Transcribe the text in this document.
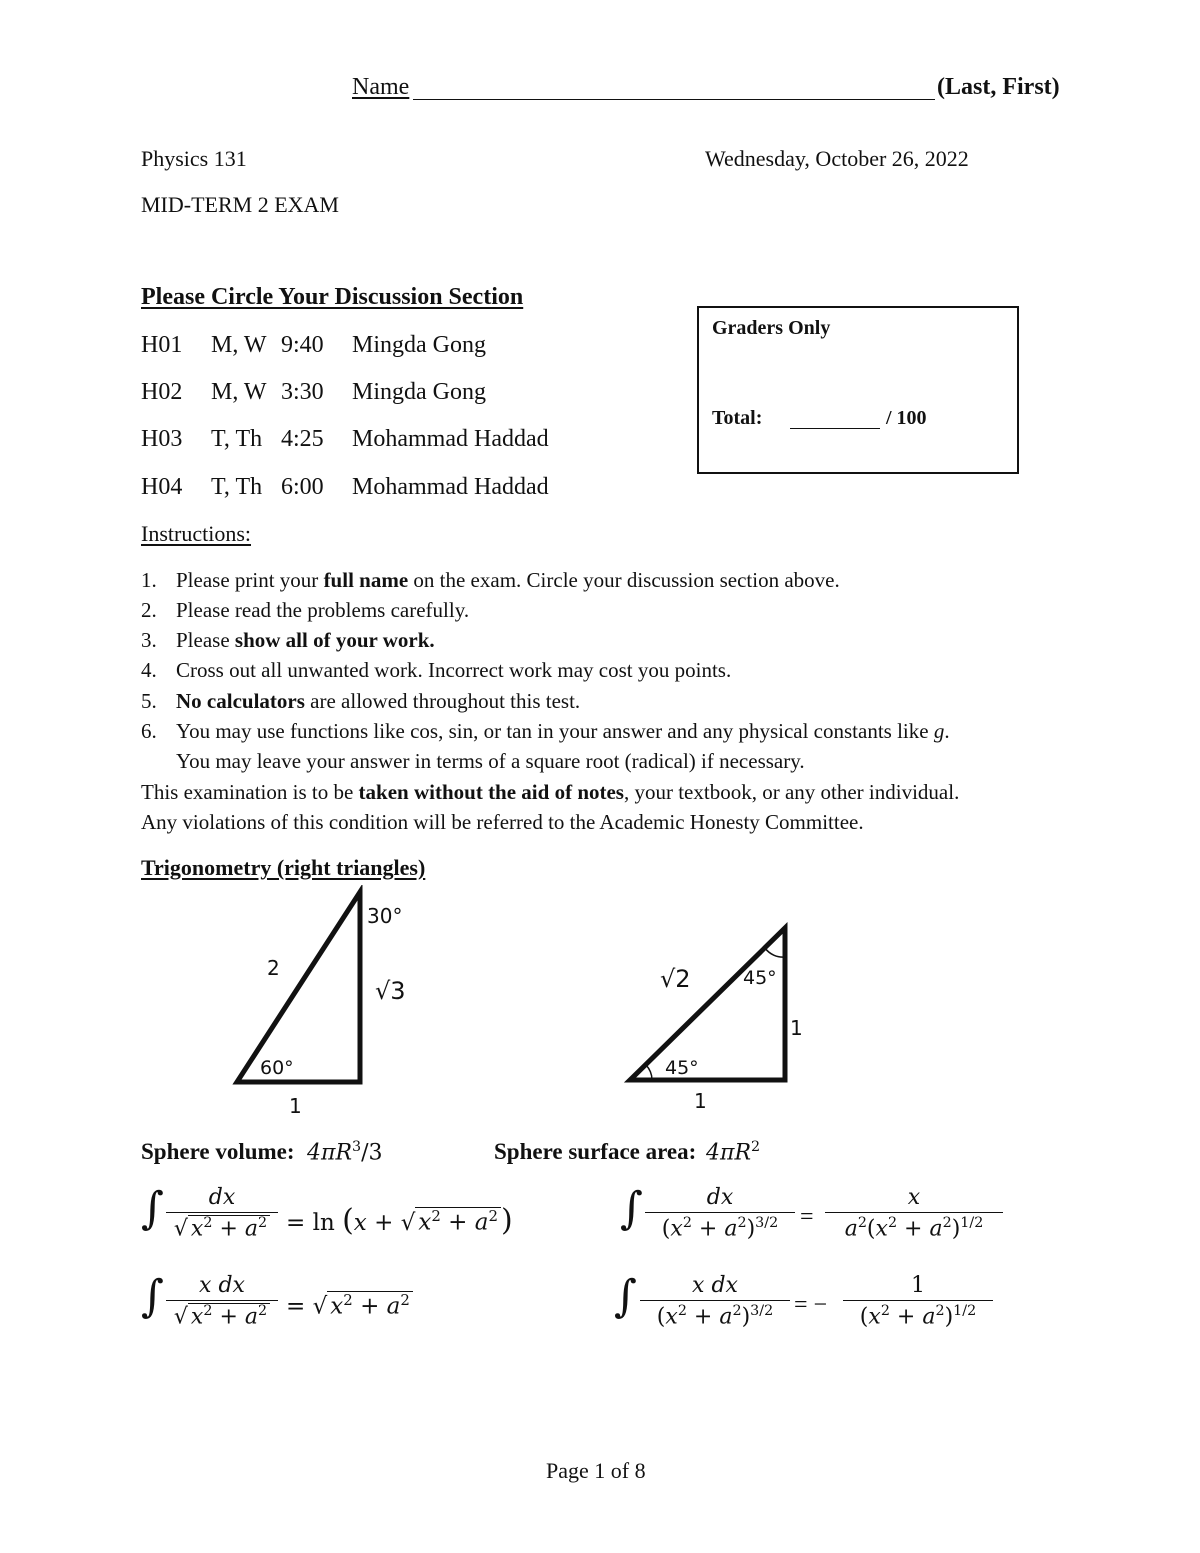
Name	(Last, First)
Physics 131	Wednesday, October 26, 2022
MID-TERM 2 EXAM
Please Circle Your Discussion Section
H01 M, W 9:40 Mingda Gong
H02 M, W 3:30 Mingda Gong
H03 T, Th 4:25 Mohammad Haddad
H04 T, Th 6:00 Mohammad Haddad
Graders Only
Total:	/ 100
Instructions:
1. Please print your full name on the exam. Circle your discussion section above.
2. Please read the problems carefully.
3. Please show all of your work.
4. Cross out all unwanted work. Incorrect work may cost you points.
5. No calculators are allowed throughout this test.
6. You may use functions like cos, sin, or tan in your answer and any physical constants like g.
You may leave your answer in terms of a square root (radical) if necessary.
This examination is to be taken without the aid of notes, your textbook, or any other individual.
Any violations of this condition will be referred to the Academic Honesty Committee.
Trigonometry (right triangles)
30°
2
√3
60°
1
√2	45°
1
45°
1
Sphere volume: $4\pi R^3/3$	Sphere surface area: $4\pi R^2$
∫	dx
√ $x^2 + a^2 = \ln (x$ + √ $x^2 + a^2$ ) ∫	dx
$(x^2 + a^2)^{3/2}$ =
x
$a^2(x^2 + a^2)^{1/2}$
∫	x dx
√ $x^2 + a^2$ = √ $x^2 + a^2$	∫	x dx
$(x^2 + a^2)^{3/2}$ = −
1
$(x^2 + a^2)^{1/2}$
Page 1 of 8
